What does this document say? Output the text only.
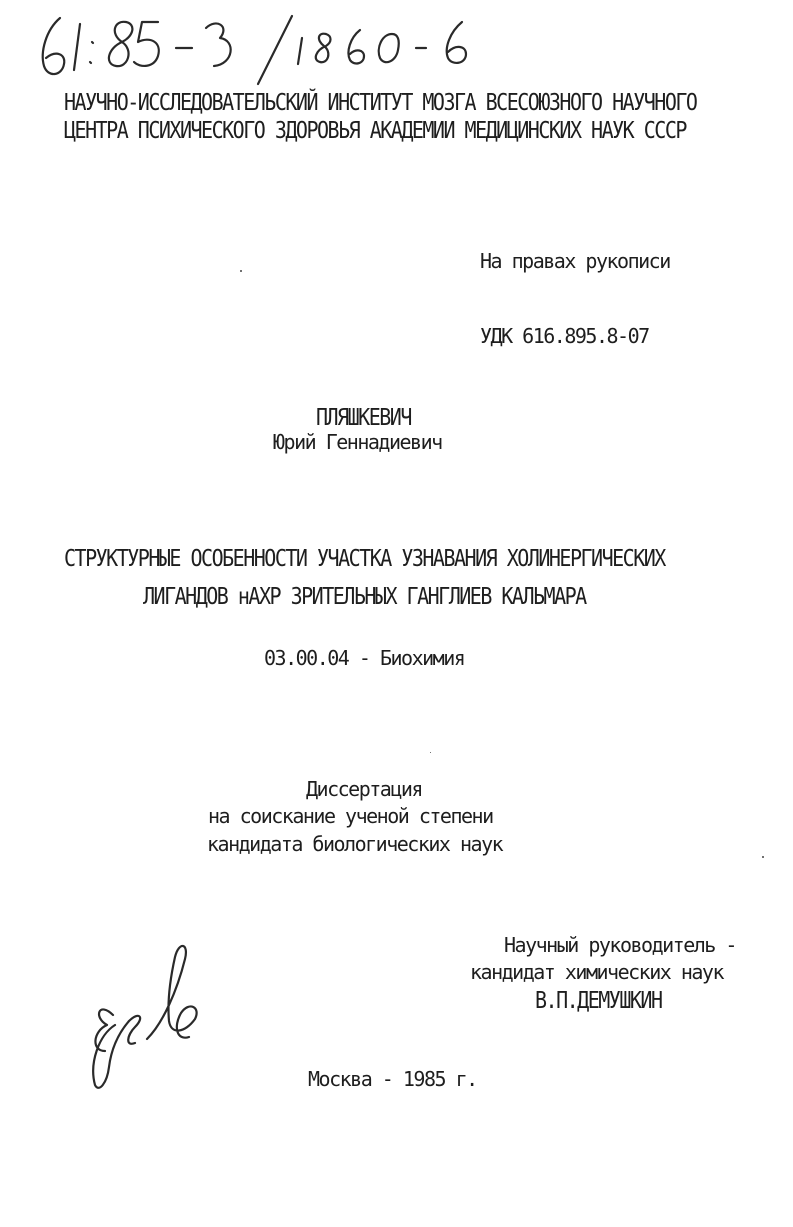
НАУЧНО-ИССЛЕДОВАТЕЛЬСКИЙ ИНСТИТУТ МОЗГА ВСЕСОЮЗНОГО НАУЧНОГО
ЦЕНТРА ПСИХИЧЕСКОГО ЗДОРОВЬЯ АКАДЕМИИ МЕДИЦИНСКИХ НАУК СССР
На правах рукописи
УДК 616.895.8-07
ПЛЯШКЕВИЧ
Юрий Геннадиевич
СТРУКТУРНЫЕ ОСОБЕННОСТИ УЧАСТКА УЗНАВАНИЯ ХОЛИНЕРГИЧЕСКИХ
ЛИГАНДОВ нАХР ЗРИТЕЛЬНЫХ ГАНГЛИЕВ КАЛЬМАРА
03.00.04 - Биохимия
Диссертация
на соискание ученой степени
кандидата биологических наук
Научный руководитель -
кандидат химических наук
В.П.ДЕМУШКИН
Москва - 1985 г.
